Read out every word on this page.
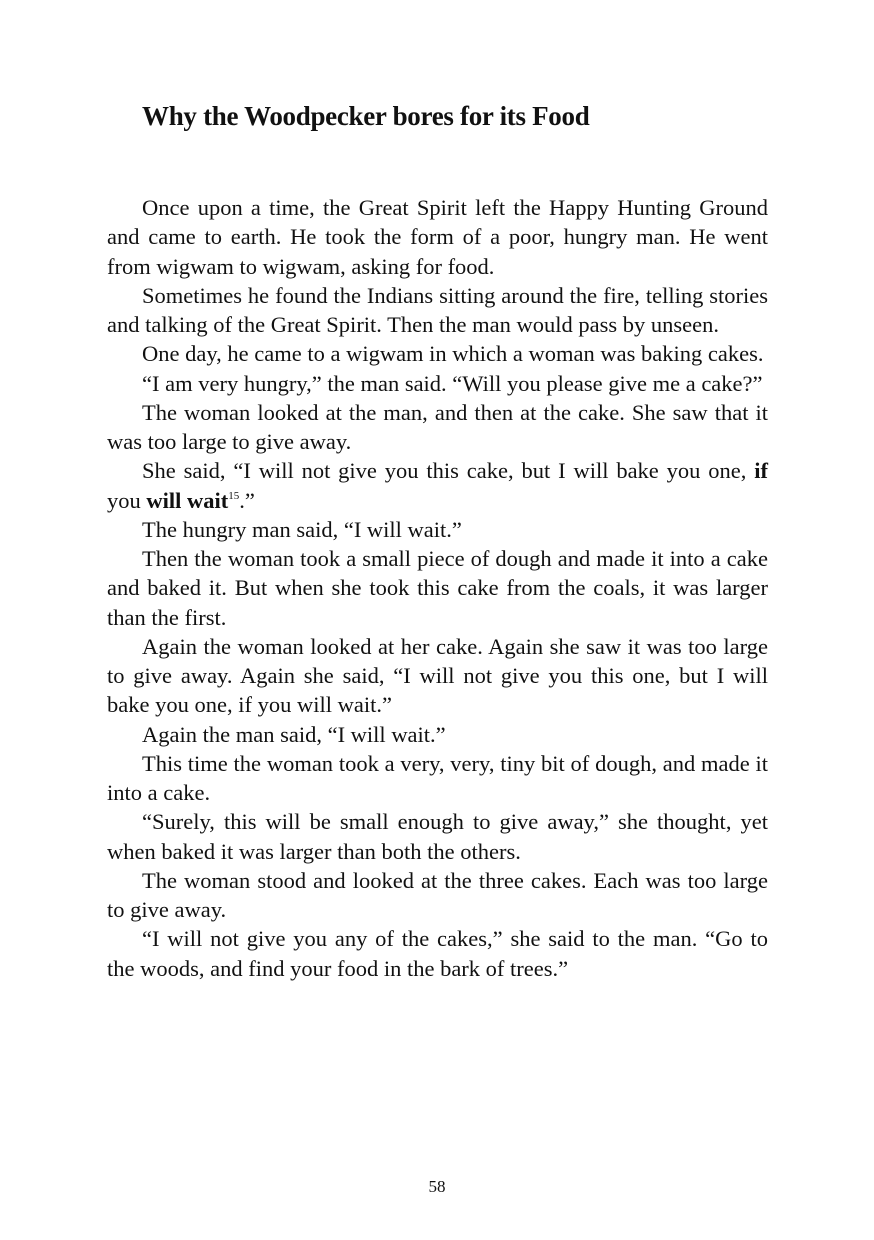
Why the Woodpecker bores for its Food

Once upon a time, the Great Spirit left the Happy Hunting Ground and came to earth. He took the form of a poor, hungry man. He went from wigwam to wigwam, asking for food.

Sometimes he found the Indians sitting around the fire, telling stories and talking of the Great Spirit. Then the man would pass by unseen.

One day, he came to a wigwam in which a woman was baking cakes.

“I am very hungry,” the man said. “Will you please give me a cake?”

The woman looked at the man, and then at the cake. She saw that it was too large to give away.

She said, “I will not give you this cake, but I will bake you one, if you will wait$^{15}$.”

The hungry man said, “I will wait.”

Then the woman took a small piece of dough and made it into a cake and baked it. But when she took this cake from the coals, it was larger than the first.

Again the woman looked at her cake. Again she saw it was too large to give away. Again she said, “I will not give you this one, but I will bake you one, if you will wait.”

Again the man said, “I will wait.”

This time the woman took a very, very, tiny bit of dough, and made it into a cake.

“Surely, this will be small enough to give away,” she thought, yet when baked it was larger than both the others.

The woman stood and looked at the three cakes. Each was too large to give away.

“I will not give you any of the cakes,” she said to the man. “Go to the woods, and find your food in the bark of trees.”

58
